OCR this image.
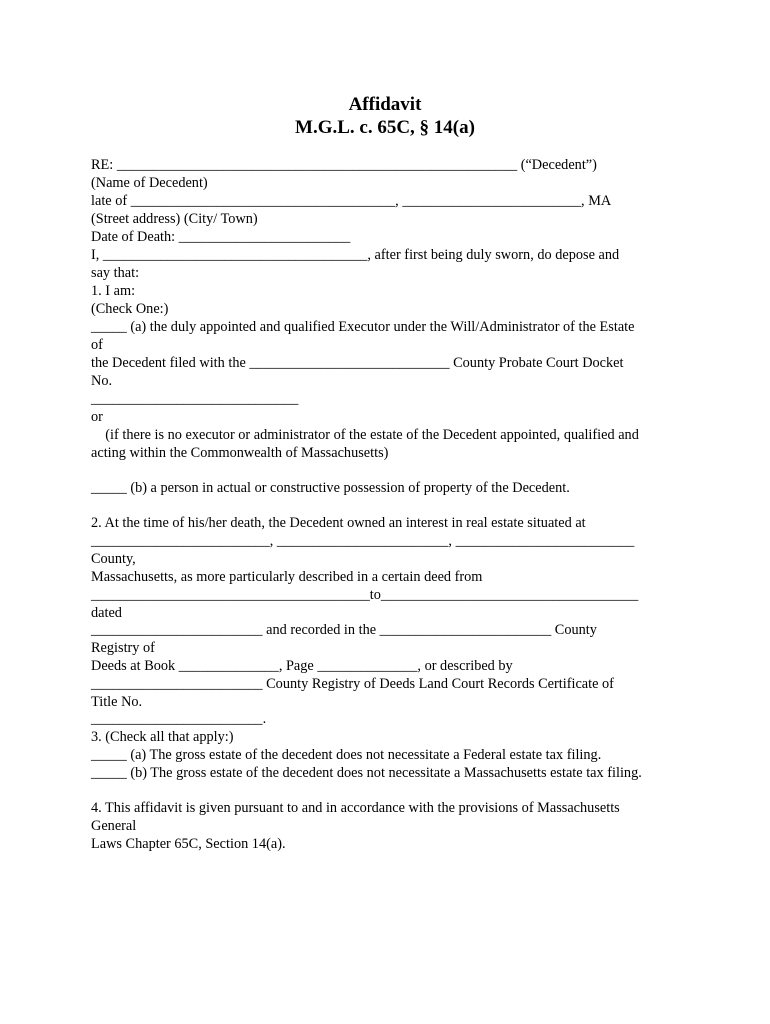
Affidavit
M.G.L. c. 65C, § 14(a)
RE: ________________________________________________________ (“Decedent”)
(Name of Decedent)
late of _____________________________________, _________________________, MA
(Street address) (City/ Town)
Date of Death: ________________________
I, _____________________________________, after first being duly sworn, do depose and
say that:
1. I am:
(Check One:)
_____ (a) the duly appointed and qualified Executor under the Will/Administrator of the Estate
of
the Decedent filed with the ____________________________ County Probate Court Docket
No.
_____________________________
or
(if there is no executor or administrator of the estate of the Decedent appointed, qualified and
acting within the Commonwealth of Massachusetts)
_____ (b) a person in actual or constructive possession of property of the Decedent.
2. At the time of his/her death, the Decedent owned an interest in real estate situated at
_________________________, ________________________, _________________________
County,
Massachusetts, as more particularly described in a certain deed from
_______________________________________to____________________________________
dated
________________________ and recorded in the ________________________ County
Registry of
Deeds at Book ______________, Page ______________, or described by
________________________ County Registry of Deeds Land Court Records Certificate of
Title No.
________________________.
3. (Check all that apply:)
_____ (a) The gross estate of the decedent does not necessitate a Federal estate tax filing.
_____ (b) The gross estate of the decedent does not necessitate a Massachusetts estate tax filing.
4. This affidavit is given pursuant to and in accordance with the provisions of Massachusetts
General
Laws Chapter 65C, Section 14(a).
